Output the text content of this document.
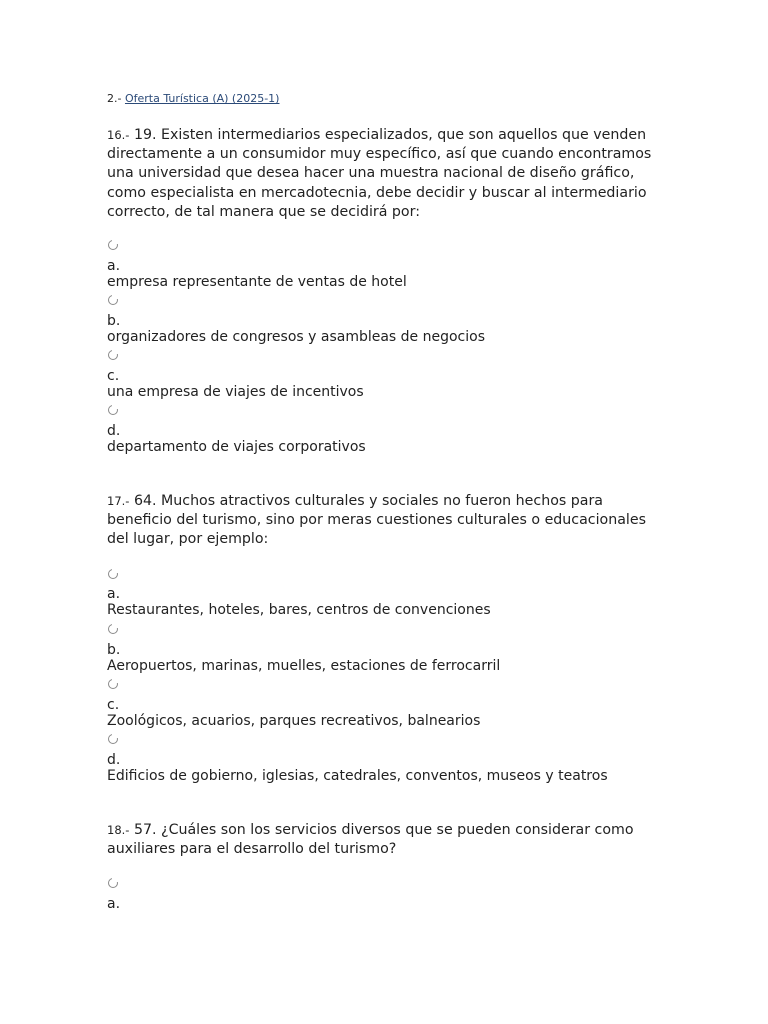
2.- Oferta Turística (A) (2025-1)
16.- 19. Existen intermediarios especializados, que son aquellos que venden directamente a un consumidor muy específico, así que cuando encontramos una universidad que desea hacer una muestra nacional de diseño gráfico, como especialista en mercadotecnia, debe decidir y buscar al intermediario correcto, de tal manera que se decidirá por:
a.
empresa representante de ventas de hotel
b.
organizadores de congresos y asambleas de negocios
c.
una empresa de viajes de incentivos
d.
departamento de viajes corporativos
17.- 64. Muchos atractivos culturales y sociales no fueron hechos para beneficio del turismo, sino por meras cuestiones culturales o educacionales del lugar, por ejemplo:
a.
Restaurantes, hoteles, bares, centros de convenciones
b.
Aeropuertos, marinas, muelles, estaciones de ferrocarril
c.
Zoológicos, acuarios, parques recreativos, balnearios
d.
Edificios de gobierno, iglesias, catedrales, conventos, museos y teatros
18.- 57. ¿Cuáles son los servicios diversos que se pueden considerar como auxiliares para el desarrollo del turismo?
a.
